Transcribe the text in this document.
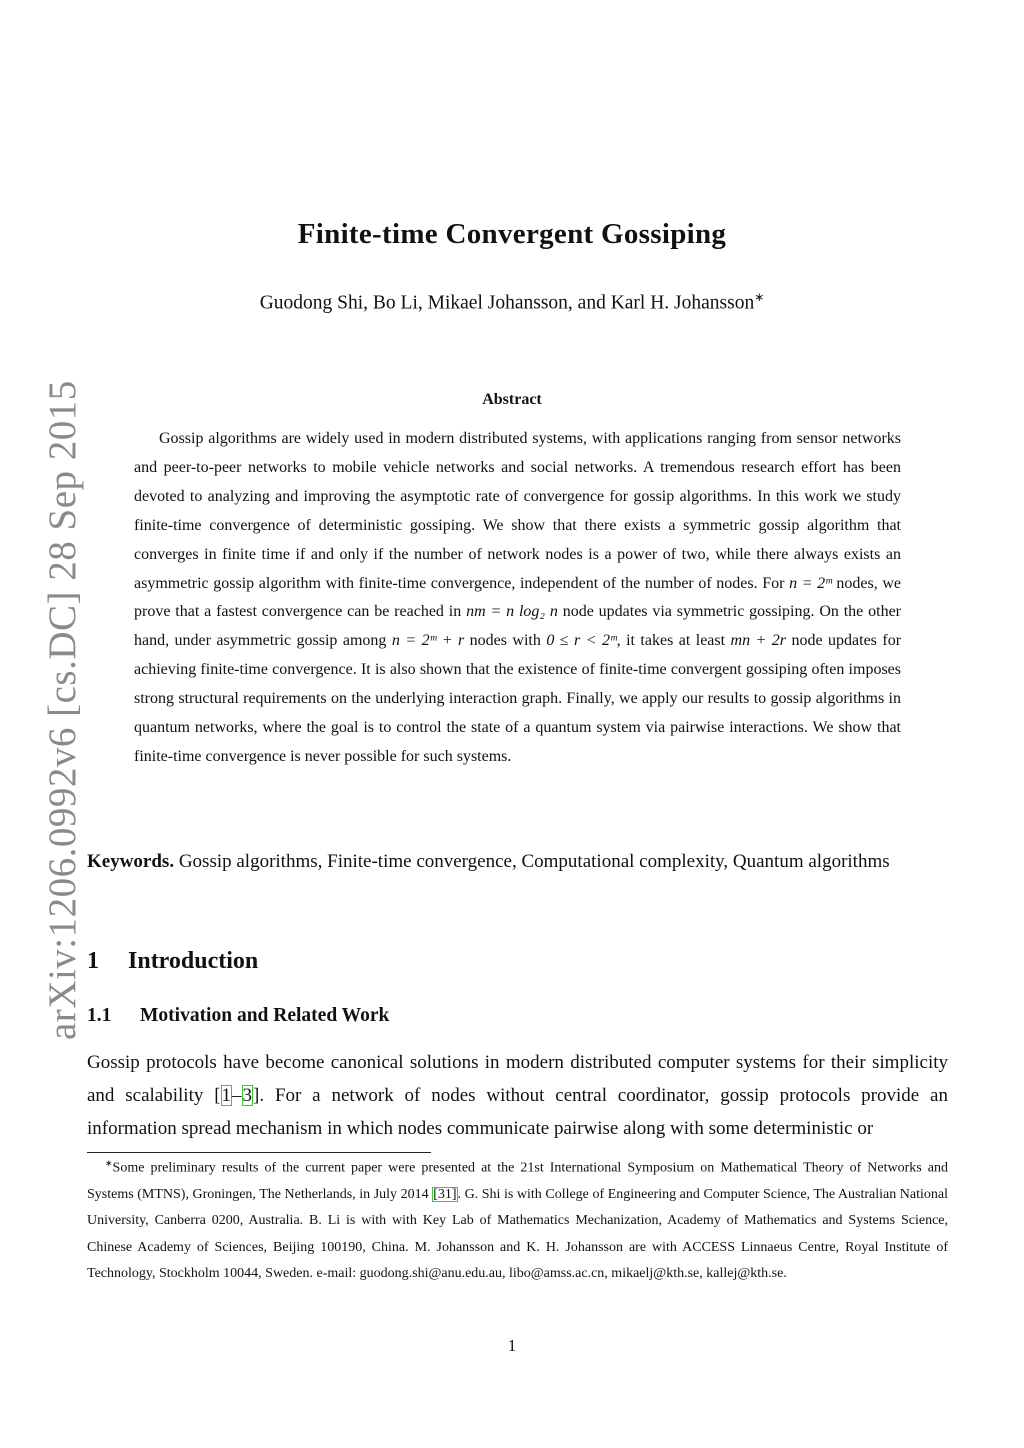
arXiv:1206.0992v6 [cs.DC] 28 Sep 2015
Finite-time Convergent Gossiping
Guodong Shi, Bo Li, Mikael Johansson, and Karl H. Johansson∗
Abstract

Gossip algorithms are widely used in modern distributed systems, with applications ranging from sensor networks and peer-to-peer networks to mobile vehicle networks and social networks. A tremendous research effort has been devoted to analyzing and improving the asymptotic rate of convergence for gossip algorithms. In this work we study finite-time convergence of deterministic gossiping. We show that there exists a symmetric gossip algorithm that converges in finite time if and only if the number of network nodes is a power of two, while there always exists an asymmetric gossip algorithm with finite-time convergence, independent of the number of nodes. For n = 2ᵐ nodes, we prove that a fastest convergence can be reached in nm = n log₂ n node updates via symmetric gossiping. On the other hand, under asymmetric gossip among n = 2ᵐ + r nodes with 0 ≤ r < 2ᵐ, it takes at least mn + 2r node updates for achieving finite-time convergence. It is also shown that the existence of finite-time convergent gossiping often imposes strong structural requirements on the underlying interaction graph. Finally, we apply our results to gossip algorithms in quantum networks, where the goal is to control the state of a quantum system via pairwise interactions. We show that finite-time convergence is never possible for such systems.

Keywords. Gossip algorithms, Finite-time convergence, Computational complexity, Quantum algorithms

1 Introduction
1.1 Motivation and Related Work

Gossip protocols have become canonical solutions in modern distributed computer systems for their simplicity and scalability [1–3]. For a network of nodes without central coordinator, gossip protocols provide an information spread mechanism in which nodes communicate pairwise along with some deterministic or

∗Some preliminary results of the current paper were presented at the 21st International Symposium on Mathematical Theory of Networks and Systems (MTNS), Groningen, The Netherlands, in July 2014 [31]. G. Shi is with College of Engineering and Computer Science, The Australian National University, Canberra 0200, Australia. B. Li is with with Key Lab of Mathematics Mechanization, Academy of Mathematics and Systems Science, Chinese Academy of Sciences, Beijing 100190, China. M. Johansson and K. H. Johansson are with ACCESS Linnaeus Centre, Royal Institute of Technology, Stockholm 10044, Sweden. e-mail: guodong.shi@anu.edu.au, libo@amss.ac.cn, mikaelj@kth.se, kallej@kth.se.

1
